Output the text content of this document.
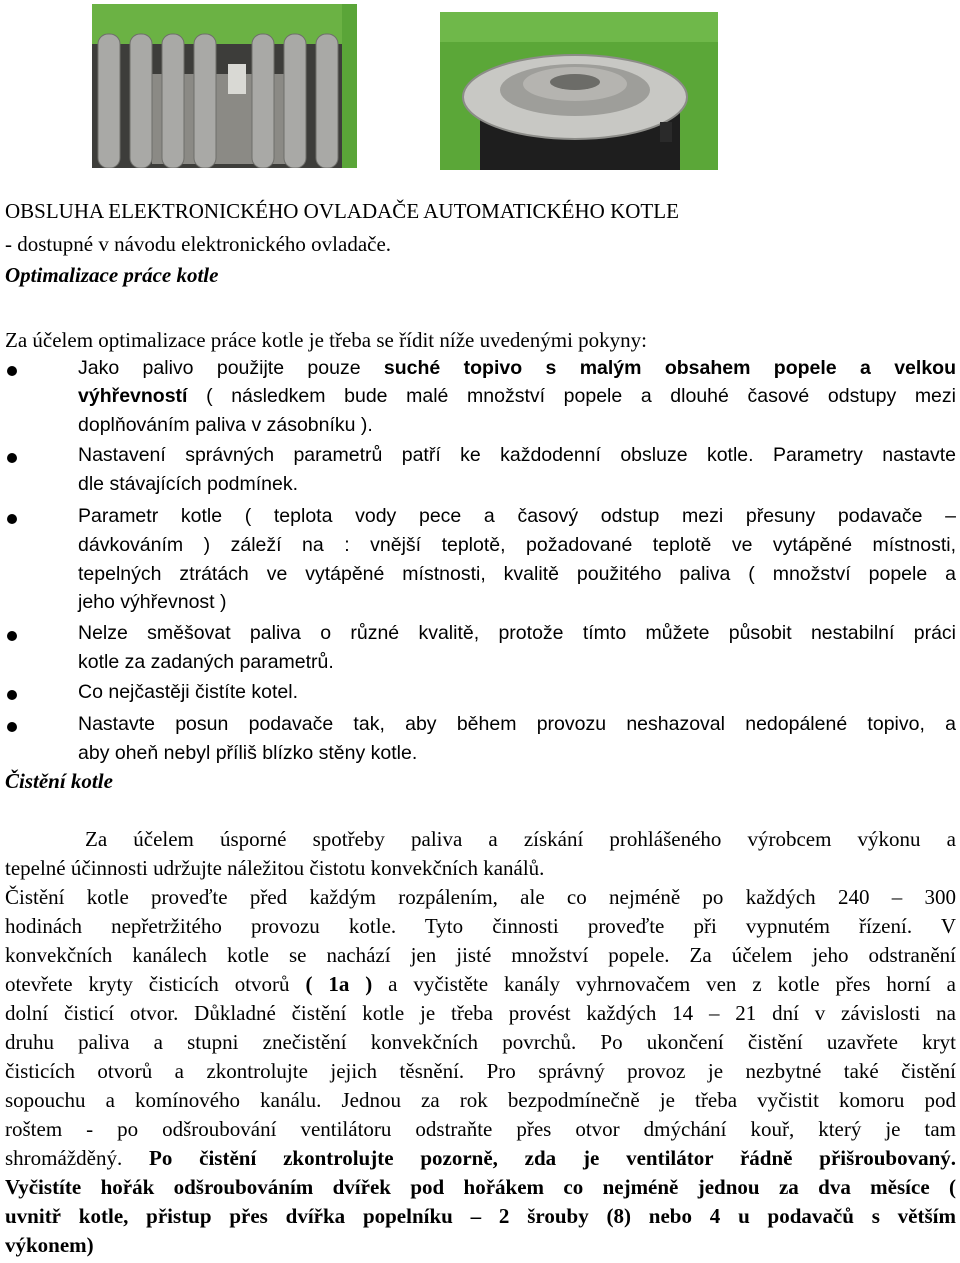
OBSLUHA ELEKTRONICKÉHO OVLADAČE AUTOMATICKÉHO KOTLE
- dostupné v návodu elektronického ovladače.
Optimalizace práce kotle
Za účelem optimalizace práce kotle je třeba se řídit níže uvedenými pokyny:
Jako palivo použijte pouze suché topivo s malým obsahem popele a velkou
výhřevností ( následkem bude malé množství popele a dlouhé časové odstupy mezi
doplňováním paliva v zásobníku ).
Nastavení správných parametrů patří ke každodenní obsluze kotle. Parametry nastavte
dle stávajících podmínek.
Parametr kotle ( teplota vody pece a časový odstup mezi přesuny podavače –
dávkováním ) záleží na : vnější teplotě, požadované teplotě ve vytápěné místnosti,
tepelných ztrátách ve vytápěné místnosti, kvalitě použitého paliva ( množství popele a
jeho výhřevnost )
Nelze směšovat paliva o různé kvalitě, protože tímto můžete působit nestabilní práci
kotle za zadaných parametrů.
Co nejčastěji čistíte kotel.
Nastavte posun podavače tak, aby během provozu neshazoval nedopálené topivo, a
aby oheň nebyl příliš blízko stěny kotle.
Čistění kotle
Za účelem úsporné spotřeby paliva a získání prohlášeného výrobcem výkonu a
tepelné účinnosti udržujte náležitou čistotu konvekčních kanálů.
Čistění kotle proveďte před každým rozpálením, ale co nejméně po každých 240 – 300
hodinách nepřetržitého provozu kotle. Tyto činnosti proveďte při vypnutém řízení. V
konvekčních kanálech kotle se nachází jen jisté množství popele. Za účelem jeho odstranění
otevřete kryty čisticích otvorů ( 1a ) a vyčistěte kanály vyhrnovačem ven z kotle přes horní a
dolní čisticí otvor. Důkladné čistění kotle je třeba provést každých 14 – 21 dní v závislosti na
druhu paliva a stupni znečistění konvekčních povrchů. Po ukončení čistění uzavřete kryt
čisticích otvorů a zkontrolujte jejich těsnění. Pro správný provoz je nezbytné také čistění
sopouchu a komínového kanálu. Jednou za rok bezpodmínečně je třeba vyčistit komoru pod
roštem - po odšroubování ventilátoru odstraňte přes otvor dmýchání kouř, který je tam
shromážděný. Po čistění zkontrolujte pozorně, zda je ventilátor řádně přišroubovaný.
Vyčistíte hořák odšroubováním dvířek pod hořákem co nejméně jednou za dva měsíce (
uvnitř kotle, přistup přes dvířka popelníku – 2 šrouby (8) nebo 4 u podavačů s větším
výkonem)
